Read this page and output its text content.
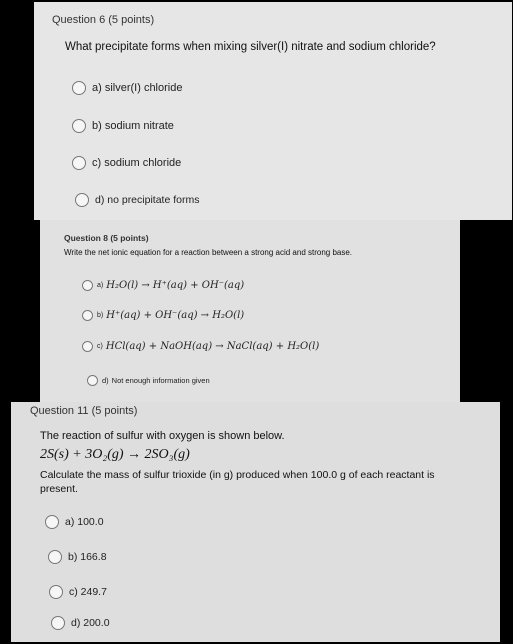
Question 6 (5 points)
What precipitate forms when mixing silver(I) nitrate and sodium chloride?
a) silver(I) chloride
b) sodium nitrate
c) sodium chloride
d) no precipitate forms
Question 8 (5 points)
Write the net ionic equation for a reaction between a strong acid and strong base.
a) H₂O(l) → H⁺(aq) + OH⁻(aq)
b) H⁺(aq) + OH⁻(aq) → H₂O(l)
c) HCl(aq) + NaOH(aq) → NaCl(aq) + H₂O(l)
d) Not enough information given
Question 11 (5 points)
The reaction of sulfur with oxygen is shown below.
2S(s) + 3O₂(g) → 2SO₃(g)
Calculate the mass of sulfur trioxide (in g) produced when 100.0 g of each reactant is
present.
a) 100.0
b) 166.8
c) 249.7
d) 200.0
